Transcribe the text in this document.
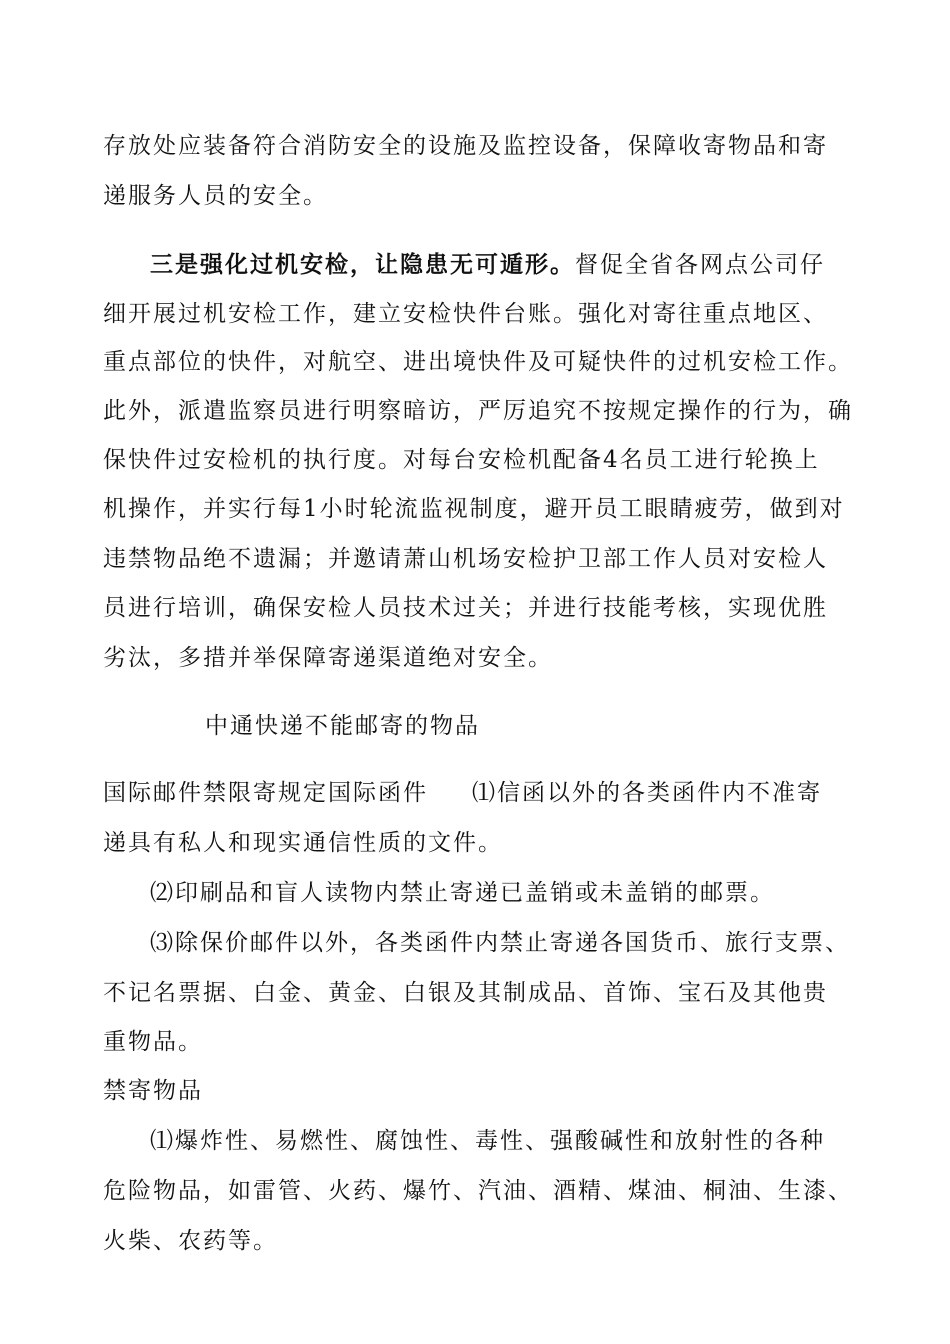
存放处应装备符合消防安全的设施及监控设备，保障收寄物品和寄
递服务人员的安全。
三是强化过机安检，让隐患无可遁形。督促全省各网点公司仔
细开展过机安检工作，建立安检快件台账。强化对寄往重点地区、
重点部位的快件，对航空、进出境快件及可疑快件的过机安检工作。
此外，派遣监察员进行明察暗访，严厉追究不按规定操作的行为，确
保快件过安检机的执行度。对每台安检机配备4名员工进行轮换上
机操作，并实行每1小时轮流监视制度，避开员工眼睛疲劳，做到对
违禁物品绝不遗漏；并邀请萧山机场安检护卫部工作人员对安检人
员进行培训，确保安检人员技术过关；并进行技能考核，实现优胜
劣汰，多措并举保障寄递渠道绝对安全。
中通快递不能邮寄的物品
国际邮件禁限寄规定国际函件 ⑴信函以外的各类函件内不准寄
递具有私人和现实通信性质的文件。
⑵印刷品和盲人读物内禁止寄递已盖销或未盖销的邮票。
⑶除保价邮件以外，各类函件内禁止寄递各国货币、旅行支票、
不记名票据、白金、黄金、白银及其制成品、首饰、宝石及其他贵
重物品。
禁寄物品
⑴爆炸性、易燃性、腐蚀性、毒性、强酸碱性和放射性的各种
危险物品，如雷管、火药、爆竹、汽油、酒精、煤油、桐油、生漆、
火柴、农药等。
